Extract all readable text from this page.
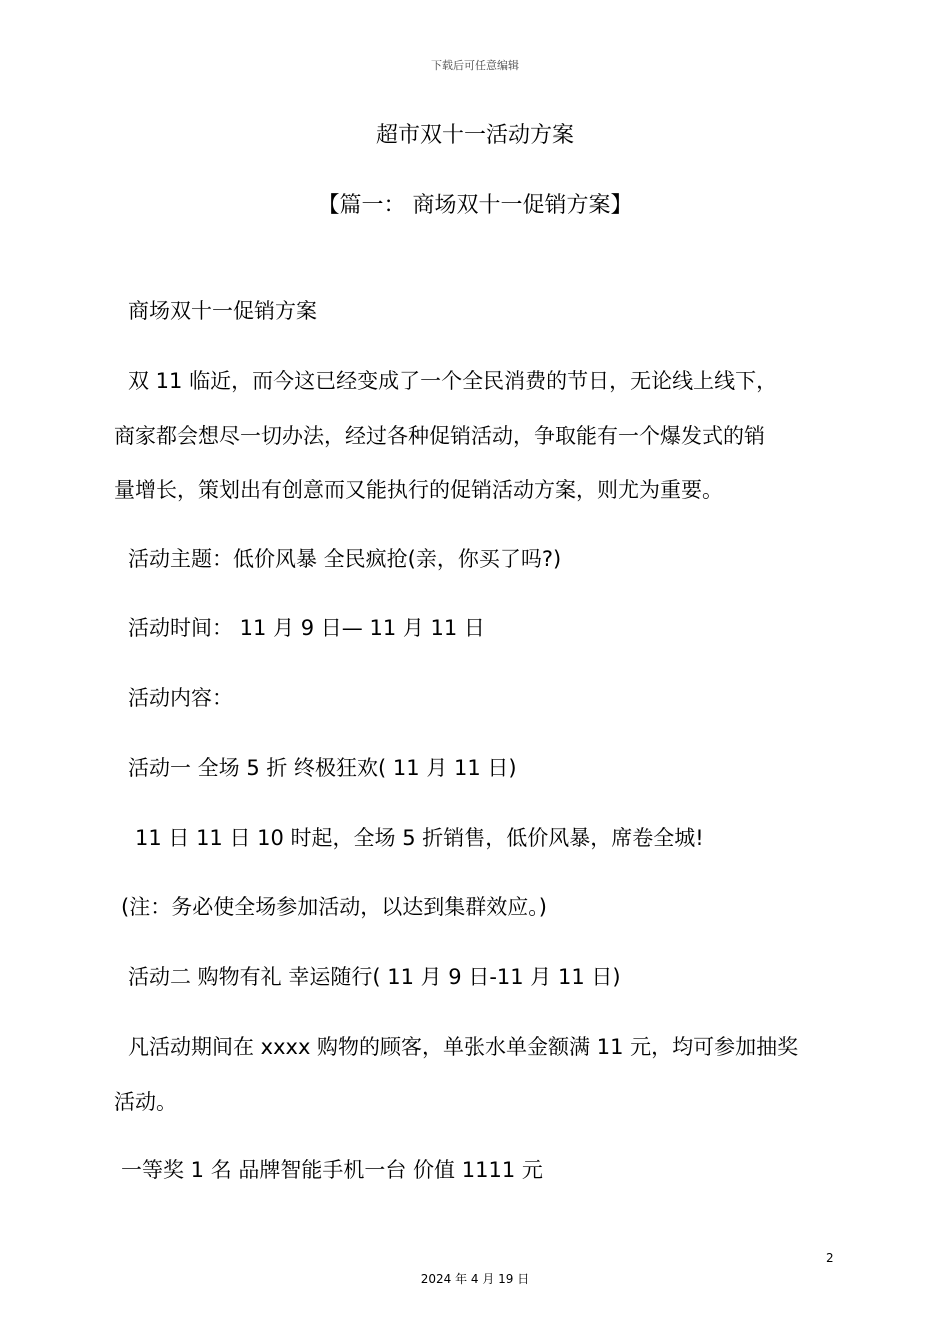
下载后可任意编辑
超市双十一活动方案
【篇一： 商场双十一促销方案】
商场双十一促销方案
双 11 临近，而今这已经变成了一个全民消费的节日，无论线上线下，
商家都会想尽一切办法，经过各种促销活动，争取能有一个爆发式的销
量增长，策划出有创意而又能执行的促销活动方案，则尤为重要。
活动主题：低价风暴 全民疯抢(亲，你买了吗?)
活动时间： 11 月 9 日— 11 月 11 日
活动内容：
活动一 全场 5 折 终极狂欢( 11 月 11 日)
11 日 11 日 10 时起，全场 5 折销售，低价风暴，席卷全城!
(注：务必使全场参加活动，以达到集群效应。)
活动二 购物有礼 幸运随行( 11 月 9 日-11 月 11 日)
凡活动期间在 xxxx 购物的顾客，单张水单金额满 11 元，均可参加抽奖
活动。
一等奖 1 名 品牌智能手机一台 价值 1111 元
2
2024 年 4 月 19 日
